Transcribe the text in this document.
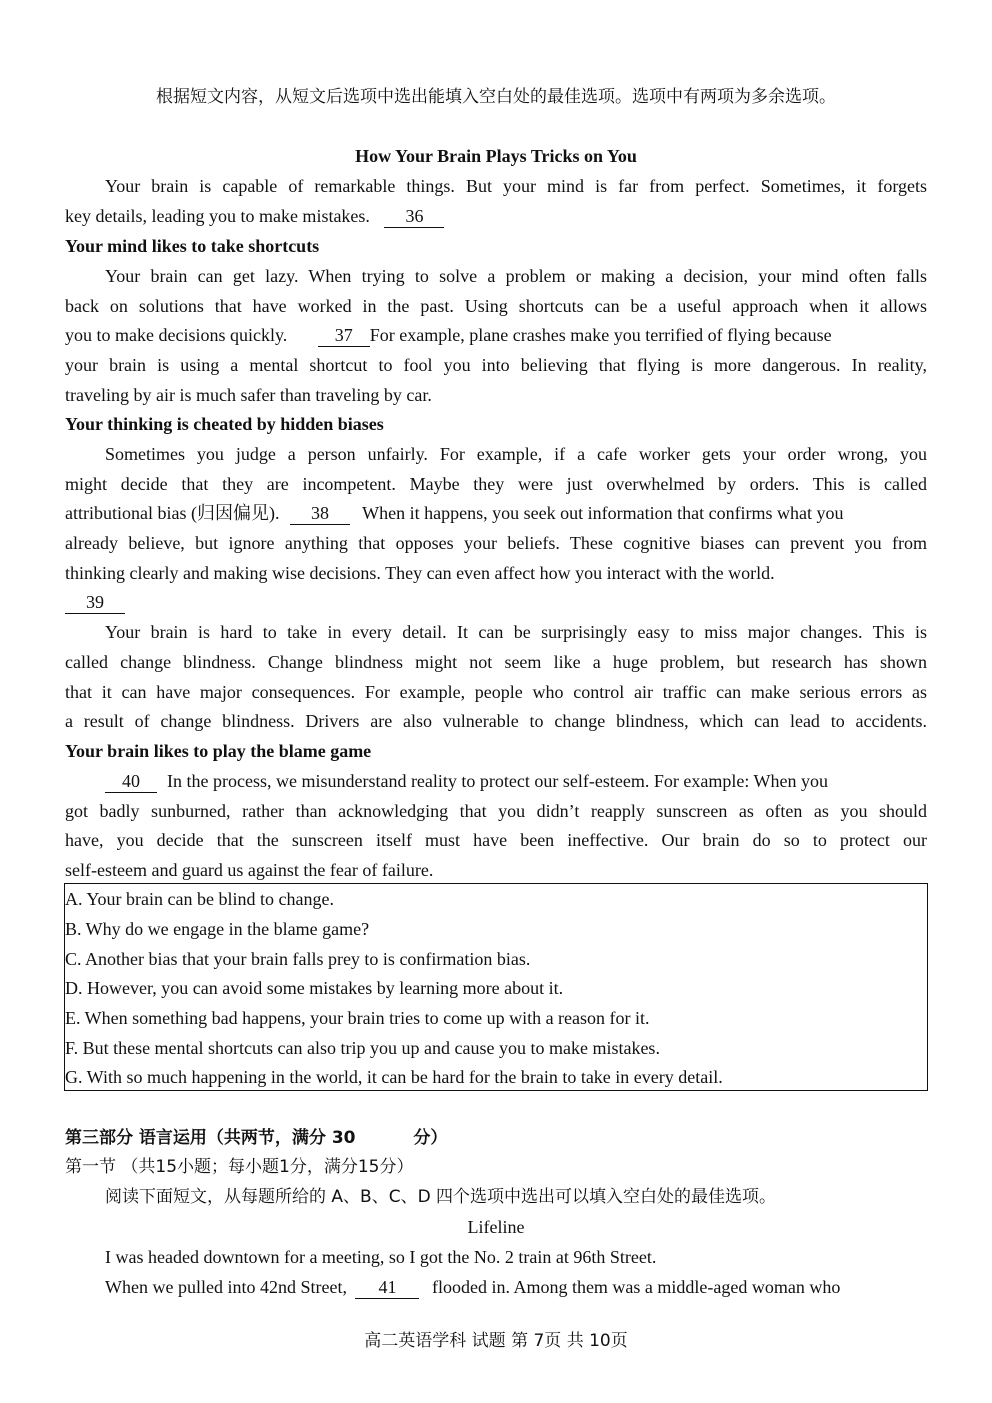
根据短文内容，从短文后选项中选出能填入空白处的最佳选项。选项中有两项为多余选项。
How Your Brain Plays Tricks on You
Your brain is capable of remarkable things. But your mind is far from perfect. Sometimes, it forgets
key details, leading you to make mistakes. 36
Your mind likes to take shortcuts
Your brain can get lazy. When trying to solve a problem or making a decision, your mind often falls
back on solutions that have worked in the past. Using shortcuts can be a useful approach when it allows
you to make decisions quickly.	37 For example, plane crashes make you terrified of flying because
your brain is using a mental shortcut to fool you into believing that flying is more dangerous. In reality,
traveling by air is much safer than traveling by car.
Your thinking is cheated by hidden biases
Sometimes you judge a person unfairly. For example, if a cafe worker gets your order wrong, you
might decide that they are incompetent. Maybe they were just overwhelmed by orders. This is called
attributional bias (归因偏见). 38 When it happens, you seek out information that confirms what you
already believe, but ignore anything that opposes your beliefs. These cognitive biases can prevent you from
thinking clearly and making wise decisions. They can even affect how you interact with the world.
39
Your brain is hard to take in every detail. It can be surprisingly easy to miss major changes. This is
called change blindness. Change blindness might not seem like a huge problem, but research has shown
that it can have major consequences. For example, people who control air traffic can make serious errors as
a result of change blindness. Drivers are also vulnerable to change blindness, which can lead to accidents.
Your brain likes to play the blame game
40 In the process, we misunderstand reality to protect our self-esteem. For example: When you
got badly sunburned, rather than acknowledging that you didn’t reapply sunscreen as often as you should
have, you decide that the sunscreen itself must have been ineffective. Our brain do so to protect our
self-esteem and guard us against the fear of failure.
A. Your brain can be blind to change.
B. Why do we engage in the blame game?
C. Another bias that your brain falls prey to is confirmation bias.
D. However, you can avoid some mistakes by learning more about it.
E. When something bad happens, your brain tries to come up with a reason for it.
F. But these mental shortcuts can also trip you up and cause you to make mistakes.
G. With so much happening in the world, it can be hard for the brain to take in every detail.
第三部分 语言运用（共两节，满分 30	分）
第一节 （共15小题；每小题1分，满分15分）
阅读下面短文，从每题所给的 A、B、C、D 四个选项中选出可以填入空白处的最佳选项。
Lifeline
I was headed downtown for a meeting, so I got the No. 2 train at 96th Street.
When we pulled into 42nd Street, 41 flooded in. Among them was a middle-aged woman who
高二英语学科 试题 第 7页 共 10页
